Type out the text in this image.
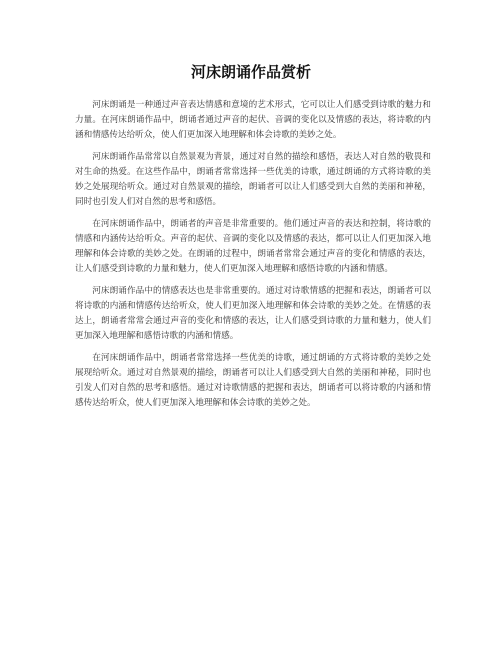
河床朗诵作品赏析

河床朗诵是一种通过声音表达情感和意境的艺术形式，它可以让人们感受到诗歌的魅力和力量。在河床朗诵作品中，朗诵者通过声音的起伏、音调的变化以及情感的表达，将诗歌的内涵和情感传达给听众，使人们更加深入地理解和体会诗歌的美妙之处。

河床朗诵作品常常以自然景观为背景，通过对自然的描绘和感悟，表达人对自然的敬畏和对生命的热爱。在这些作品中，朗诵者常常选择一些优美的诗歌，通过朗诵的方式将诗歌的美妙之处展现给听众。通过对自然景观的描绘，朗诵者可以让人们感受到大自然的美丽和神秘，同时也引发人们对自然的思考和感悟。

在河床朗诵作品中，朗诵者的声音是非常重要的。他们通过声音的表达和控制，将诗歌的情感和内涵传达给听众。声音的起伏、音调的变化以及情感的表达，都可以让人们更加深入地理解和体会诗歌的美妙之处。在朗诵的过程中，朗诵者常常会通过声音的变化和情感的表达，让人们感受到诗歌的力量和魅力，使人们更加深入地理解和感悟诗歌的内涵和情感。

河床朗诵作品中的情感表达也是非常重要的。通过对诗歌情感的把握和表达，朗诵者可以将诗歌的内涵和情感传达给听众，使人们更加深入地理解和体会诗歌的美妙之处。在情感的表达上，朗诵者常常会通过声音的变化和情感的表达，让人们感受到诗歌的力量和魅力，使人们更加深入地理解和感悟诗歌的内涵和情感。

在河床朗诵作品中，朗诵者常常选择一些优美的诗歌，通过朗诵的方式将诗歌的美妙之处展现给听众。通过对自然景观的描绘，朗诵者可以让人们感受到大自然的美丽和神秘，同时也引发人们对自然的思考和感悟。通过对诗歌情感的把握和表达，朗诵者可以将诗歌的内涵和情感传达给听众，使人们更加深入地理解和体会诗歌的美妙之处。
